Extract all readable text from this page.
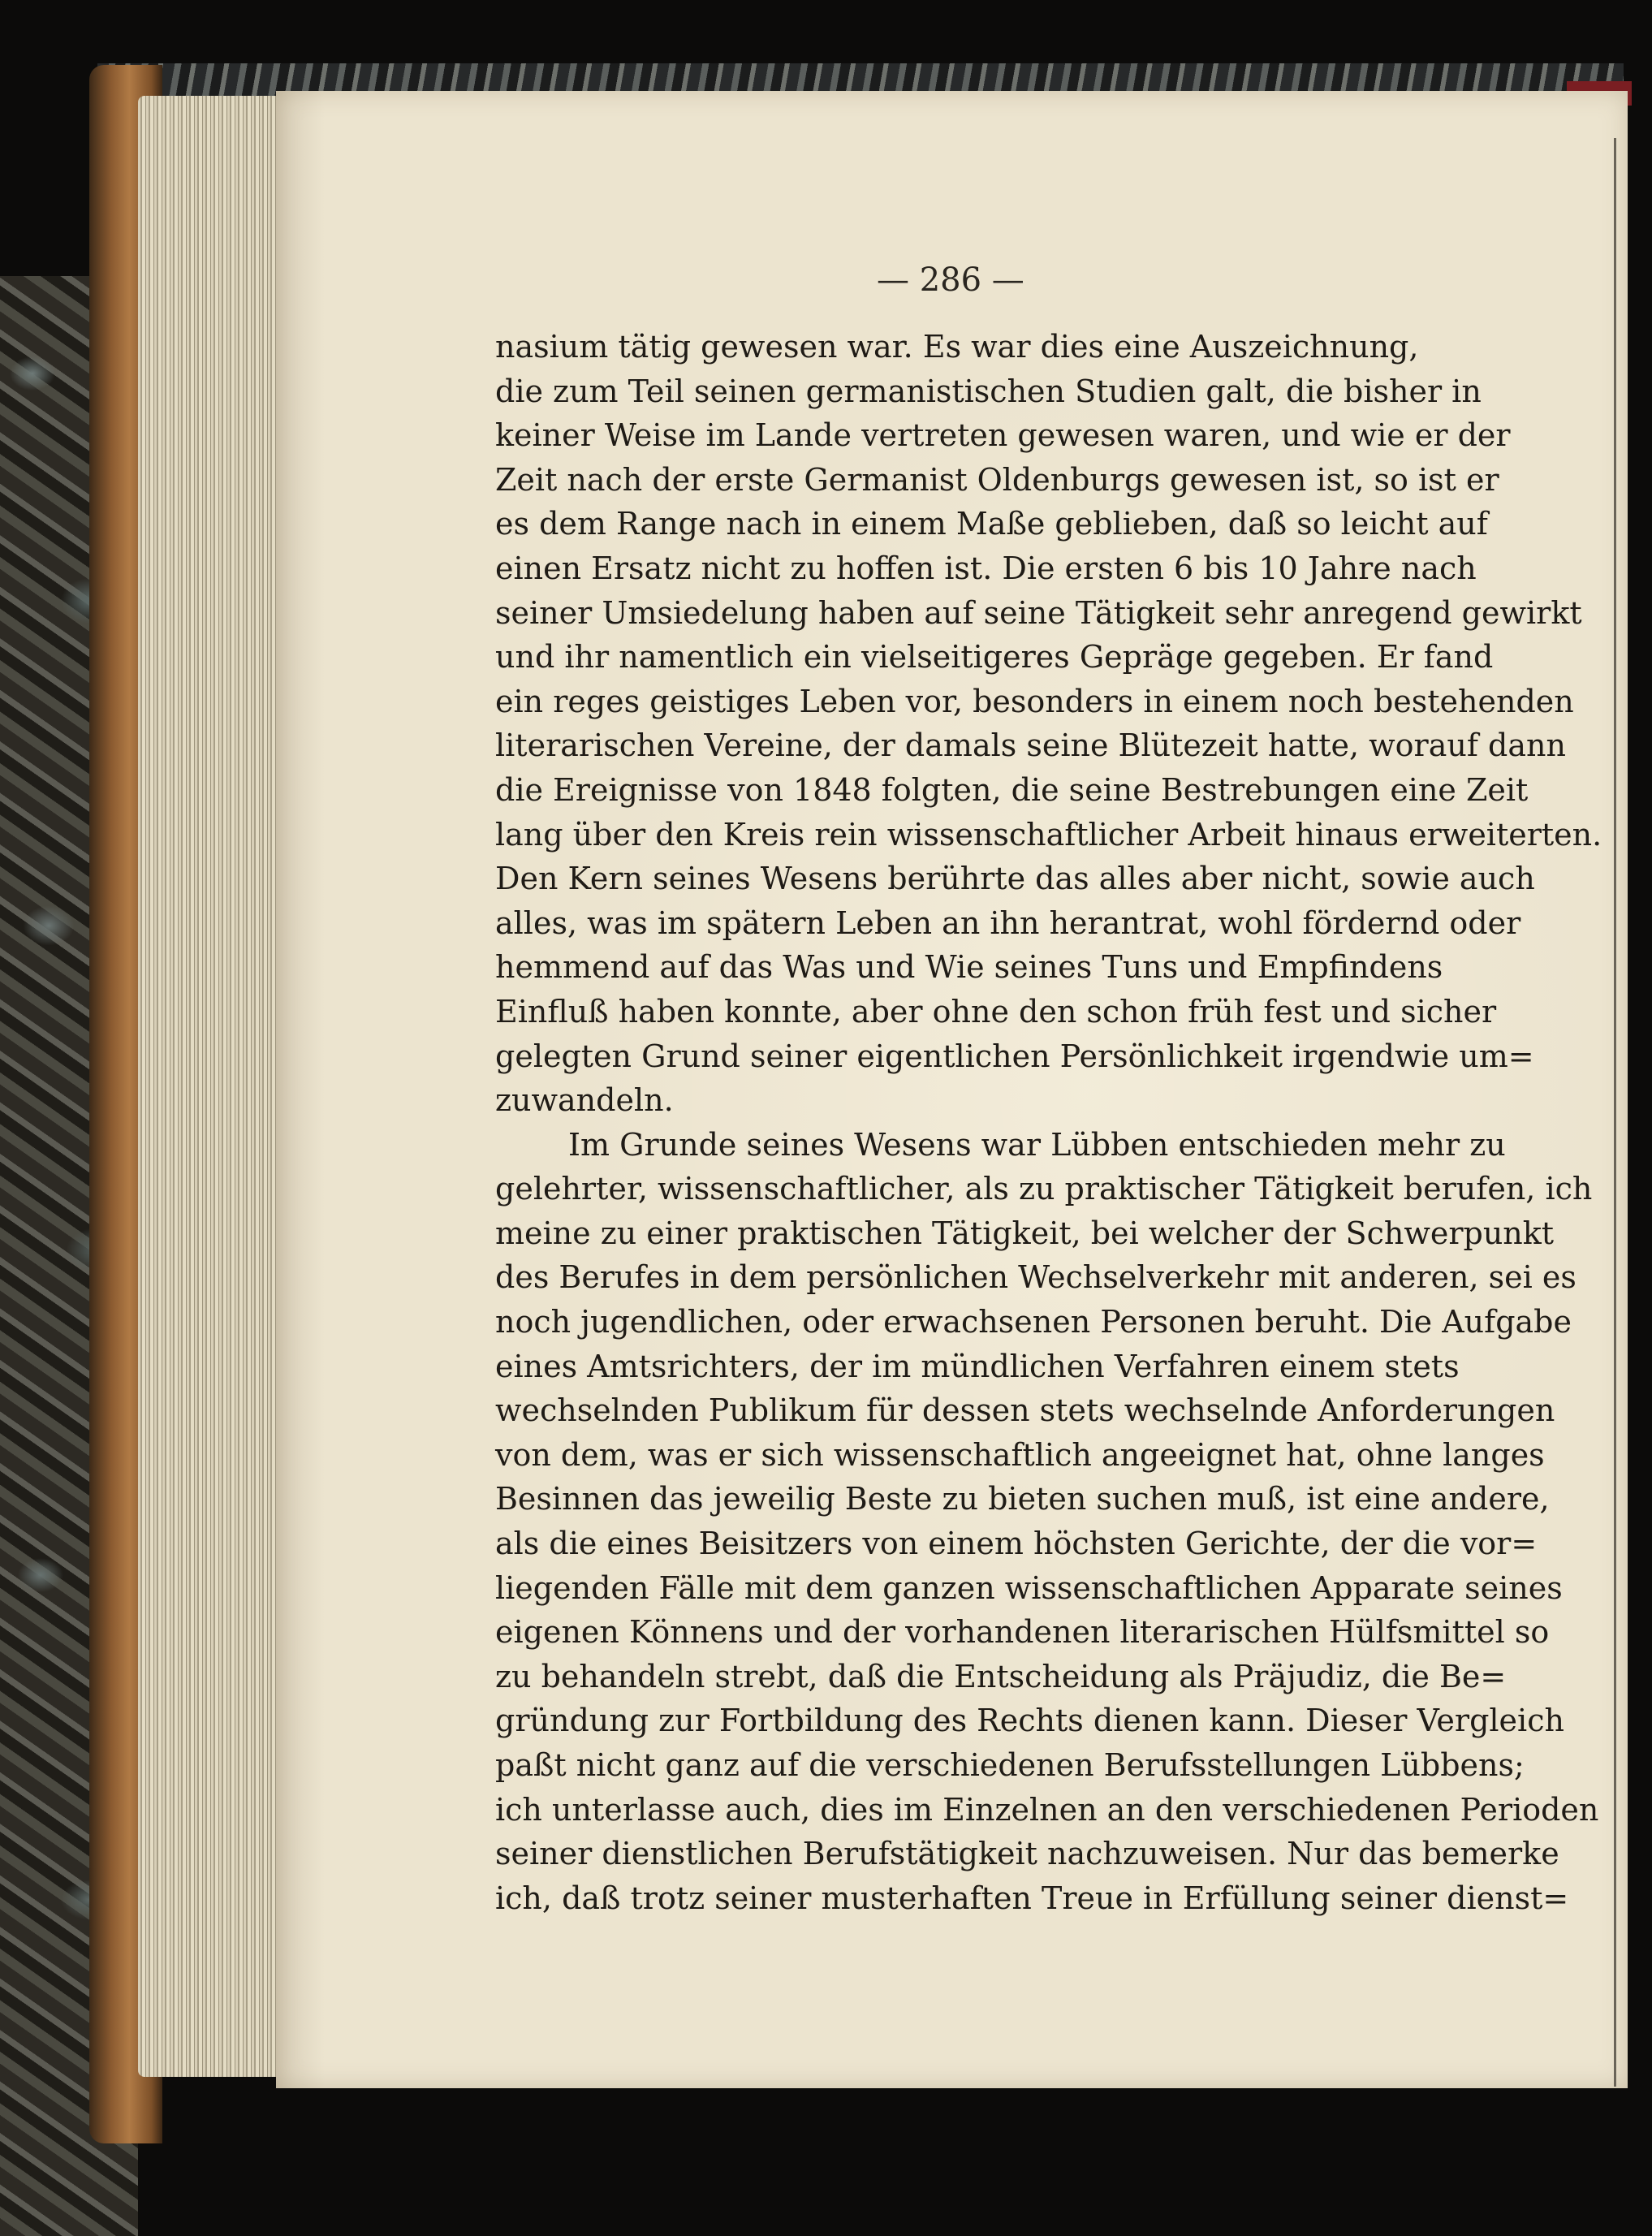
— 286 —
nasium tätig gewesen war. Es war dies eine Auszeichnung,
die zum Teil seinen germanistischen Studien galt, die bisher in
keiner Weise im Lande vertreten gewesen waren, und wie er der
Zeit nach der erste Germanist Oldenburgs gewesen ist, so ist er
es dem Range nach in einem Maße geblieben, daß so leicht auf
einen Ersatz nicht zu hoffen ist. Die ersten 6 bis 10 Jahre nach
seiner Umsiedelung haben auf seine Tätigkeit sehr anregend gewirkt
und ihr namentlich ein vielseitigeres Gepräge gegeben. Er fand
ein reges geistiges Leben vor, besonders in einem noch bestehenden
literarischen Vereine, der damals seine Blütezeit hatte, worauf dann
die Ereignisse von 1848 folgten, die seine Bestrebungen eine Zeit
lang über den Kreis rein wissenschaftlicher Arbeit hinaus erweiterten.
Den Kern seines Wesens berührte das alles aber nicht, sowie auch
alles, was im spätern Leben an ihn herantrat, wohl fördernd oder
hemmend auf das Was und Wie seines Tuns und Empfindens
Einfluß haben konnte, aber ohne den schon früh fest und sicher
gelegten Grund seiner eigentlichen Persönlichkeit irgendwie um=
zuwandeln.
Im Grunde seines Wesens war Lübben entschieden mehr zu
gelehrter, wissenschaftlicher, als zu praktischer Tätigkeit berufen, ich
meine zu einer praktischen Tätigkeit, bei welcher der Schwerpunkt
des Berufes in dem persönlichen Wechselverkehr mit anderen, sei es
noch jugendlichen, oder erwachsenen Personen beruht. Die Aufgabe
eines Amtsrichters, der im mündlichen Verfahren einem stets
wechselnden Publikum für dessen stets wechselnde Anforderungen
von dem, was er sich wissenschaftlich angeeignet hat, ohne langes
Besinnen das jeweilig Beste zu bieten suchen muß, ist eine andere,
als die eines Beisitzers von einem höchsten Gerichte, der die vor=
liegenden Fälle mit dem ganzen wissenschaftlichen Apparate seines
eigenen Könnens und der vorhandenen literarischen Hülfsmittel so
zu behandeln strebt, daß die Entscheidung als Präjudiz, die Be=
gründung zur Fortbildung des Rechts dienen kann. Dieser Vergleich
paßt nicht ganz auf die verschiedenen Berufsstellungen Lübbens;
ich unterlasse auch, dies im Einzelnen an den verschiedenen Perioden
seiner dienstlichen Berufstätigkeit nachzuweisen. Nur das bemerke
ich, daß trotz seiner musterhaften Treue in Erfüllung seiner dienst=
